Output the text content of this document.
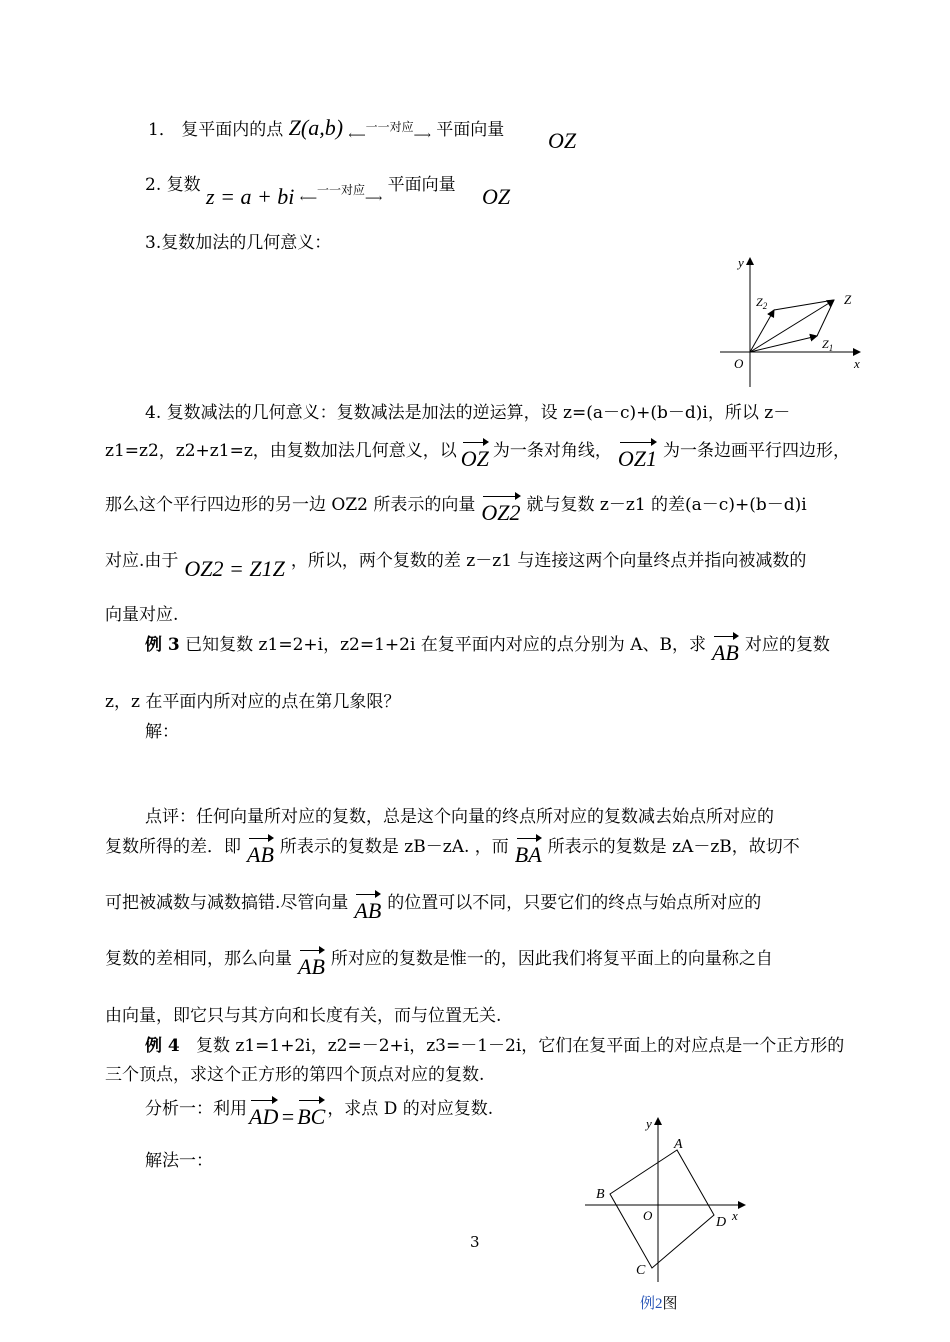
1． 复平面内的点 Z(a,b) $_{⟵一一对应⟶}$ 平面向量 OZ
2. 复数 z = a + bi $_{⟵一一对应⟶}$ 平面向量 OZ
3.复数加法的几何意义：
y
x
O
Z
$Z_2$
$Z_1$
4. 复数减法的几何意义：复数减法是加法的逆运算，设 z=(a－c)+(b－d)i，所以 z－
z1=z2，z2+z1=z，由复数加法几何意义，以 OZ 为一条对角线， OZ1 为一条边画平行四边形，
那么这个平行四边形的另一边 OZ2 所表示的向量 OZ2 就与复数 z－z1 的差(a－c)+(b－d)i
对应.由于 OZ2 = Z1Z ，所以，两个复数的差 z－z1 与连接这两个向量终点并指向被减数的
向量对应.
例 3 已知复数 z1=2+i，z2=1+2i 在复平面内对应的点分别为 A、B，求 AB 对应的复数
z，z 在平面内所对应的点在第几象限？
解：
点评：任何向量所对应的复数，总是这个向量的终点所对应的复数减去始点所对应的
复数所得的差．即 AB 所表示的复数是 zB－zA. ，而 BA 所表示的复数是 zA－zB，故切不
可把被减数与减数搞错.尽管向量 AB 的位置可以不同，只要它们的终点与始点所对应的
复数的差相同，那么向量 AB 所对应的复数是惟一的，因此我们将复平面上的向量称之自
由向量，即它只与其方向和长度有关，而与位置无关.
例 4 复数 z1=1+2i，z2=－2+i，z3=－1－2i，它们在复平面上的对应点是一个正方形的
三个顶点，求这个正方形的第四个顶点对应的复数.
分析一：利用AD=BC ，求点 D 的对应复数.
解法一：
y
x
O
A
B
C
D
例2图
3
